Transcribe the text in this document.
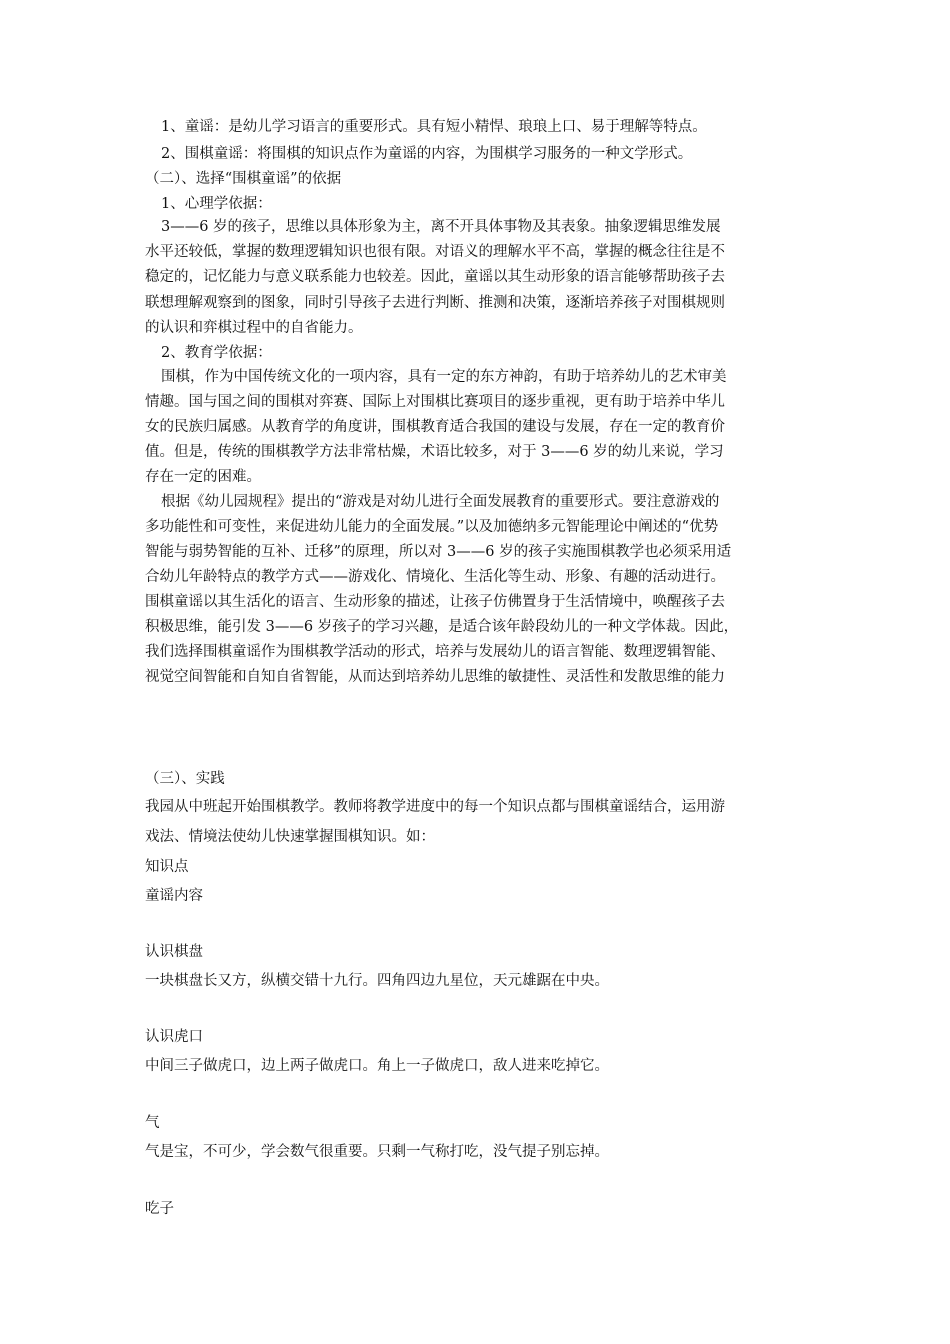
1、童谣：是幼儿学习语言的重要形式。具有短小精悍、琅琅上口、易于理解等特点。
2、围棋童谣：将围棋的知识点作为童谣的内容，为围棋学习服务的一种文学形式。
（二）、选择“围棋童谣”的依据
1、心理学依据：
3——6 岁的孩子，思维以具体形象为主，离不开具体事物及其表象。抽象逻辑思维发展
水平还较低，掌握的数理逻辑知识也很有限。对语义的理解水平不高，掌握的概念往往是不
稳定的，记忆能力与意义联系能力也较差。因此，童谣以其生动形象的语言能够帮助孩子去
联想理解观察到的图象，同时引导孩子去进行判断、推测和决策，逐渐培养孩子对围棋规则
的认识和弈棋过程中的自省能力。
2、教育学依据：
围棋，作为中国传统文化的一项内容，具有一定的东方神韵，有助于培养幼儿的艺术审美
情趣。国与国之间的围棋对弈赛、国际上对围棋比赛项目的逐步重视，更有助于培养中华儿
女的民族归属感。从教育学的角度讲，围棋教育适合我国的建设与发展，存在一定的教育价
值。但是，传统的围棋教学方法非常枯燥，术语比较多，对于 3——6 岁的幼儿来说，学习
存在一定的困难。
根据《幼儿园规程》提出的“游戏是对幼儿进行全面发展教育的重要形式。要注意游戏的
多功能性和可变性，来促进幼儿能力的全面发展。”以及加德纳多元智能理论中阐述的“优势
智能与弱势智能的互补、迁移”的原理，所以对 3——6 岁的孩子实施围棋教学也必须采用适
合幼儿年龄特点的教学方式——游戏化、情境化、生活化等生动、形象、有趣的活动进行。
围棋童谣以其生活化的语言、生动形象的描述，让孩子仿佛置身于生活情境中，唤醒孩子去
积极思维，能引发 3——6 岁孩子的学习兴趣，是适合该年龄段幼儿的一种文学体裁。因此，
我们选择围棋童谣作为围棋教学活动的形式，培养与发展幼儿的语言智能、数理逻辑智能、
视觉空间智能和自知自省智能，从而达到培养幼儿思维的敏捷性、灵活性和发散思维的能力
（三）、实践
我园从中班起开始围棋教学。教师将教学进度中的每一个知识点都与围棋童谣结合，运用游
戏法、情境法使幼儿快速掌握围棋知识。如：
知识点
童谣内容
认识棋盘
一块棋盘长又方，纵横交错十九行。四角四边九星位，天元雄踞在中央。
认识虎口
中间三子做虎口，边上两子做虎口。角上一子做虎口，敌人进来吃掉它。
气
气是宝，不可少，学会数气很重要。只剩一气称打吃，没气提子别忘掉。
吃子
